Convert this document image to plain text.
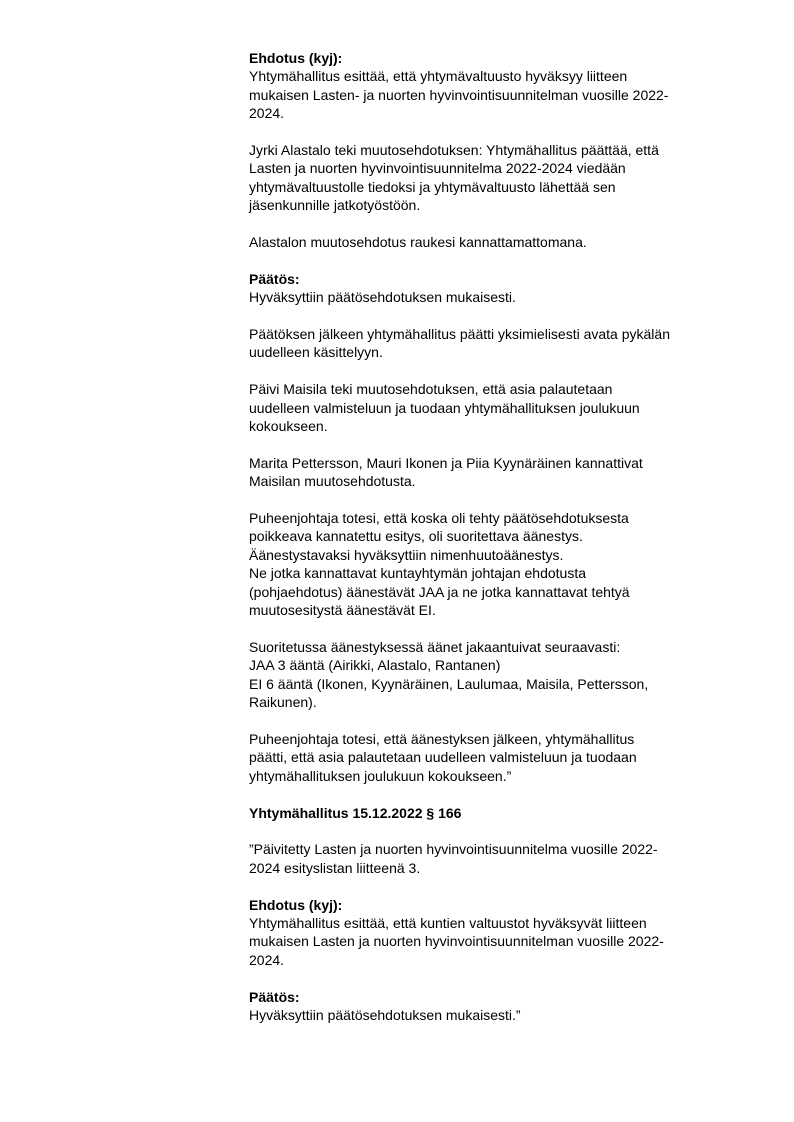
Ehdotus (kyj):
Yhtymähallitus esittää, että yhtymävaltuusto hyväksyy liitteen
mukaisen Lasten- ja nuorten hyvinvointisuunnitelman vuosille 2022-
2024.
Jyrki Alastalo teki muutosehdotuksen: Yhtymähallitus päättää, että
Lasten ja nuorten hyvinvointisuunnitelma 2022-2024 viedään
yhtymävaltuustolle tiedoksi ja yhtymävaltuusto lähettää sen
jäsenkunnille jatkotyöstöön.
Alastalon muutosehdotus raukesi kannattamattomana.
Päätös:
Hyväksyttiin päätösehdotuksen mukaisesti.
Päätöksen jälkeen yhtymähallitus päätti yksimielisesti avata pykälän
uudelleen käsittelyyn.
Päivi Maisila teki muutosehdotuksen, että asia palautetaan
uudelleen valmisteluun ja tuodaan yhtymähallituksen joulukuun
kokoukseen.
Marita Pettersson, Mauri Ikonen ja Piia Kyynäräinen kannattivat
Maisilan muutosehdotusta.
Puheenjohtaja totesi, että koska oli tehty päätösehdotuksesta
poikkeava kannatettu esitys, oli suoritettava äänestys.
Äänestystavaksi hyväksyttiin nimenhuutoäänestys.
Ne jotka kannattavat kuntayhtymän johtajan ehdotusta
(pohjaehdotus) äänestävät JAA ja ne jotka kannattavat tehtyä
muutosesitystä äänestävät EI.
Suoritetussa äänestyksessä äänet jakaantuivat seuraavasti:
JAA 3 ääntä (Airikki, Alastalo, Rantanen)
EI 6 ääntä (Ikonen, Kyynäräinen, Laulumaa, Maisila, Pettersson,
Raikunen).
Puheenjohtaja totesi, että äänestyksen jälkeen, yhtymähallitus
päätti, että asia palautetaan uudelleen valmisteluun ja tuodaan
yhtymähallituksen joulukuun kokoukseen.”
Yhtymähallitus 15.12.2022 § 166
”Päivitetty Lasten ja nuorten hyvinvointisuunnitelma vuosille 2022-
2024 esityslistan liitteenä 3.
Ehdotus (kyj):
Yhtymähallitus esittää, että kuntien valtuustot hyväksyvät liitteen
mukaisen Lasten ja nuorten hyvinvointisuunnitelman vuosille 2022-
2024.
Päätös:
Hyväksyttiin päätösehdotuksen mukaisesti.”
